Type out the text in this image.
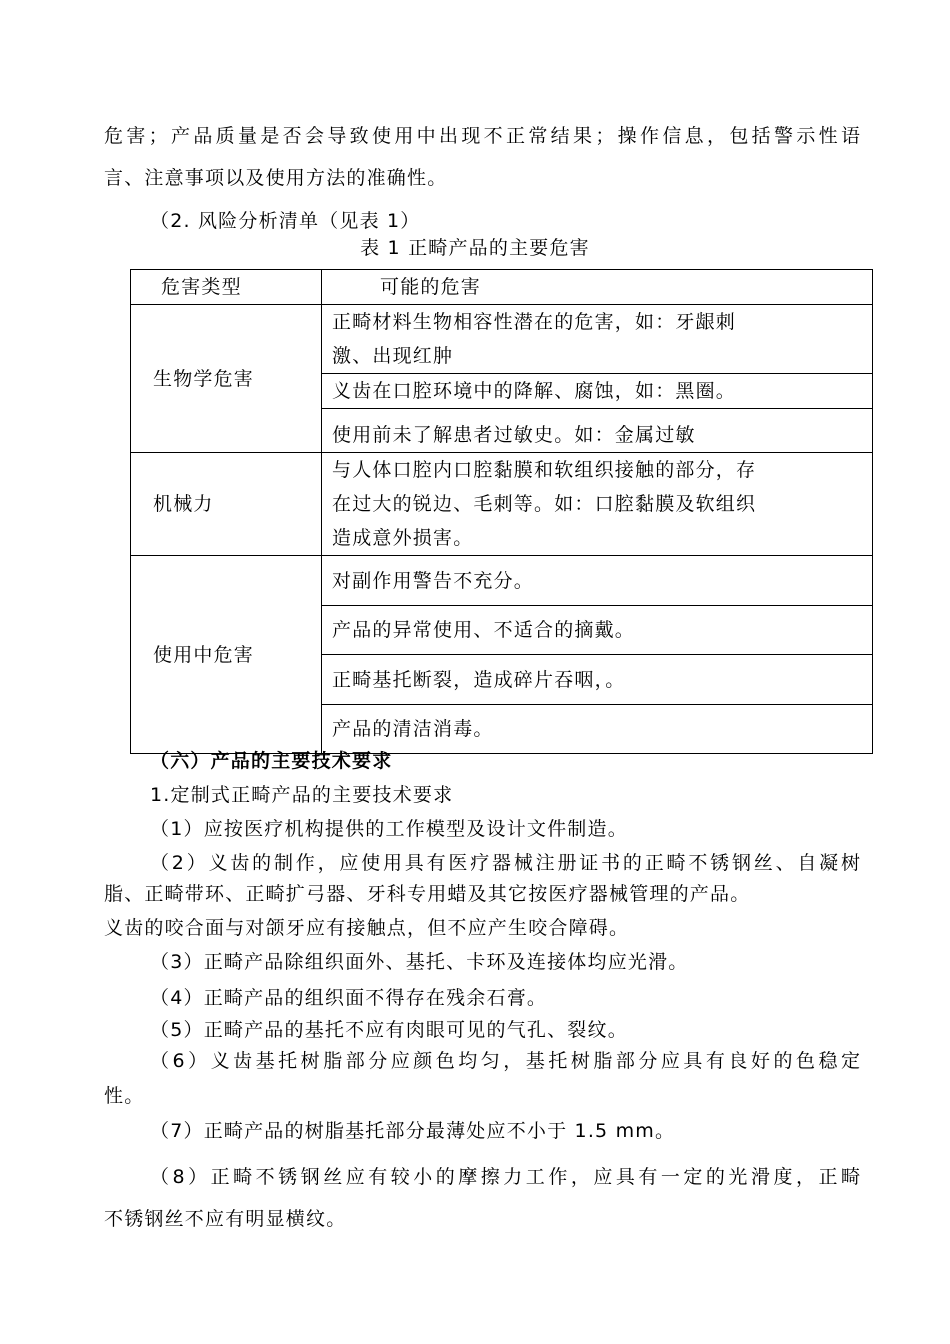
危害；产品质量是否会导致使用中出现不正常结果；操作信息，包括警示性语
言、注意事项以及使用方法的准确性。
（2. 风险分析清单（见表 1）
表 1 正畸产品的主要危害
危害类型	可能的危害
生物学危害	正畸材料生物相容性潜在的危害，如：牙龈刺
激、出现红肿

	义齿在口腔环境中的降解、腐蚀，如：黑圈。
	使用前未了解患者过敏史。如：金属过敏
机械力	与人体口腔内口腔黏膜和软组织接触的部分，存
在过大的锐边、毛刺等。如：口腔黏膜及软组织
造成意外损害。

使用中危害	对副作用警告不充分。
	产品的异常使用、不适合的摘戴。
	正畸基托断裂，造成碎片吞咽，。
	产品的清洁消毒。
（六）产品的主要技术要求
1.定制式正畸产品的主要技术要求
（1）应按医疗机构提供的工作模型及设计文件制造。
（2）义齿的制作，应使用具有医疗器械注册证书的正畸不锈钢丝、自凝树
脂、正畸带环、正畸扩弓器、牙科专用蜡及其它按医疗器械管理的产品。
义齿的咬合面与对颌牙应有接触点，但不应产生咬合障碍。
（3）正畸产品除组织面外、基托、卡环及连接体均应光滑。
（4）正畸产品的组织面不得存在残余石膏。
（5）正畸产品的基托不应有肉眼可见的气孔、裂纹。
（6）义齿基托树脂部分应颜色均匀，基托树脂部分应具有良好的色稳定
性。
（7）正畸产品的树脂基托部分最薄处应不小于 1.5 mm。
（8）正畸不锈钢丝应有较小的摩擦力工作，应具有一定的光滑度，正畸
不锈钢丝不应有明显横纹。
